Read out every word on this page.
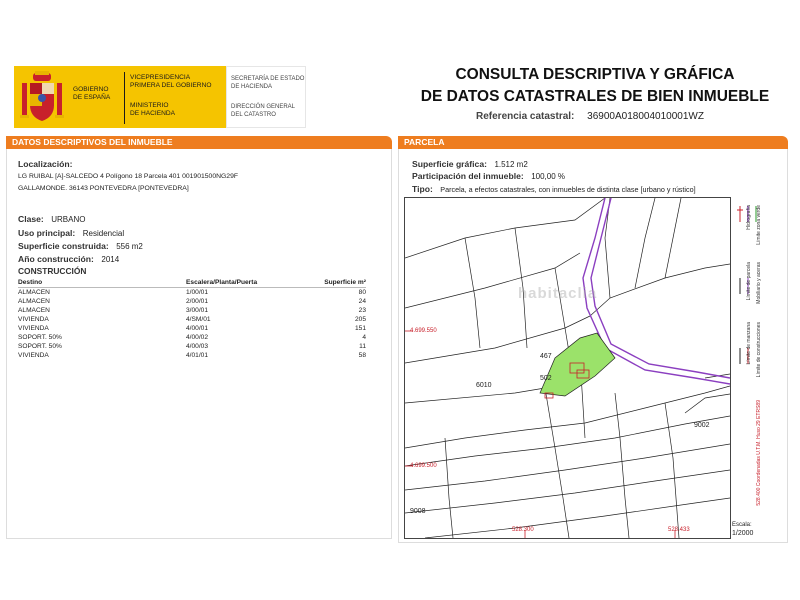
GOBIERNO
DE ESPAÑA
VICEPRESIDENCIA
PRIMERA DEL GOBIERNO
MINISTERIO
DE HACIENDA
SECRETARÍA DE ESTADO
DE HACIENDA
DIRECCIÓN GENERAL
DEL CATASTRO
CONSULTA DESCRIPTIVA Y GRÁFICA
DE DATOS CATASTRALES DE BIEN INMUEBLE
Referencia catastral: 36900A018004010001WZ
DATOS DESCRIPTIVOS DEL INMUEBLE
Localización:
LG RUIBAL [A]-SALCEDO 4 Polígono 18 Parcela 401 001901500NG29F
GALLAMONDE. 36143 PONTEVEDRA [PONTEVEDRA]
Clase: URBANO
Uso principal: Residencial
Superficie construida: 556 m2
Año construcción: 2014
CONSTRUCCIÓN
Destino	Escalera/Planta/Puerta	Superficie m²
ALMACEN	1/00/01	80
ALMACEN	2/00/01	24
ALMACEN	3/00/01	23
VIVIENDA	4/SM/01	205
VIVIENDA	4/00/01	151
SOPORT. 50%	4/00/02	4
SOPORT. 50%	4/00/03	11
VIVIENDA	4/01/01	58
PARCELA
Superficie gráfica: 1.512 m2
Participación del inmueble: 100,00 %
Tipo: Parcela, a efectos catastrales, con inmuebles de distinta clase [urbano y rústico]
467
502
6010
9002
9008
4.699.550
4.699.500
528.300	528.433
habitaclia
Hidrografía Límite zona verde
Límite de parcela Mobiliario y aceras
Límite de manzana Límite de construcciones
528.400 Coordenadas U.T.M. Huso 29 ETRS89
Escala:
1/2000
